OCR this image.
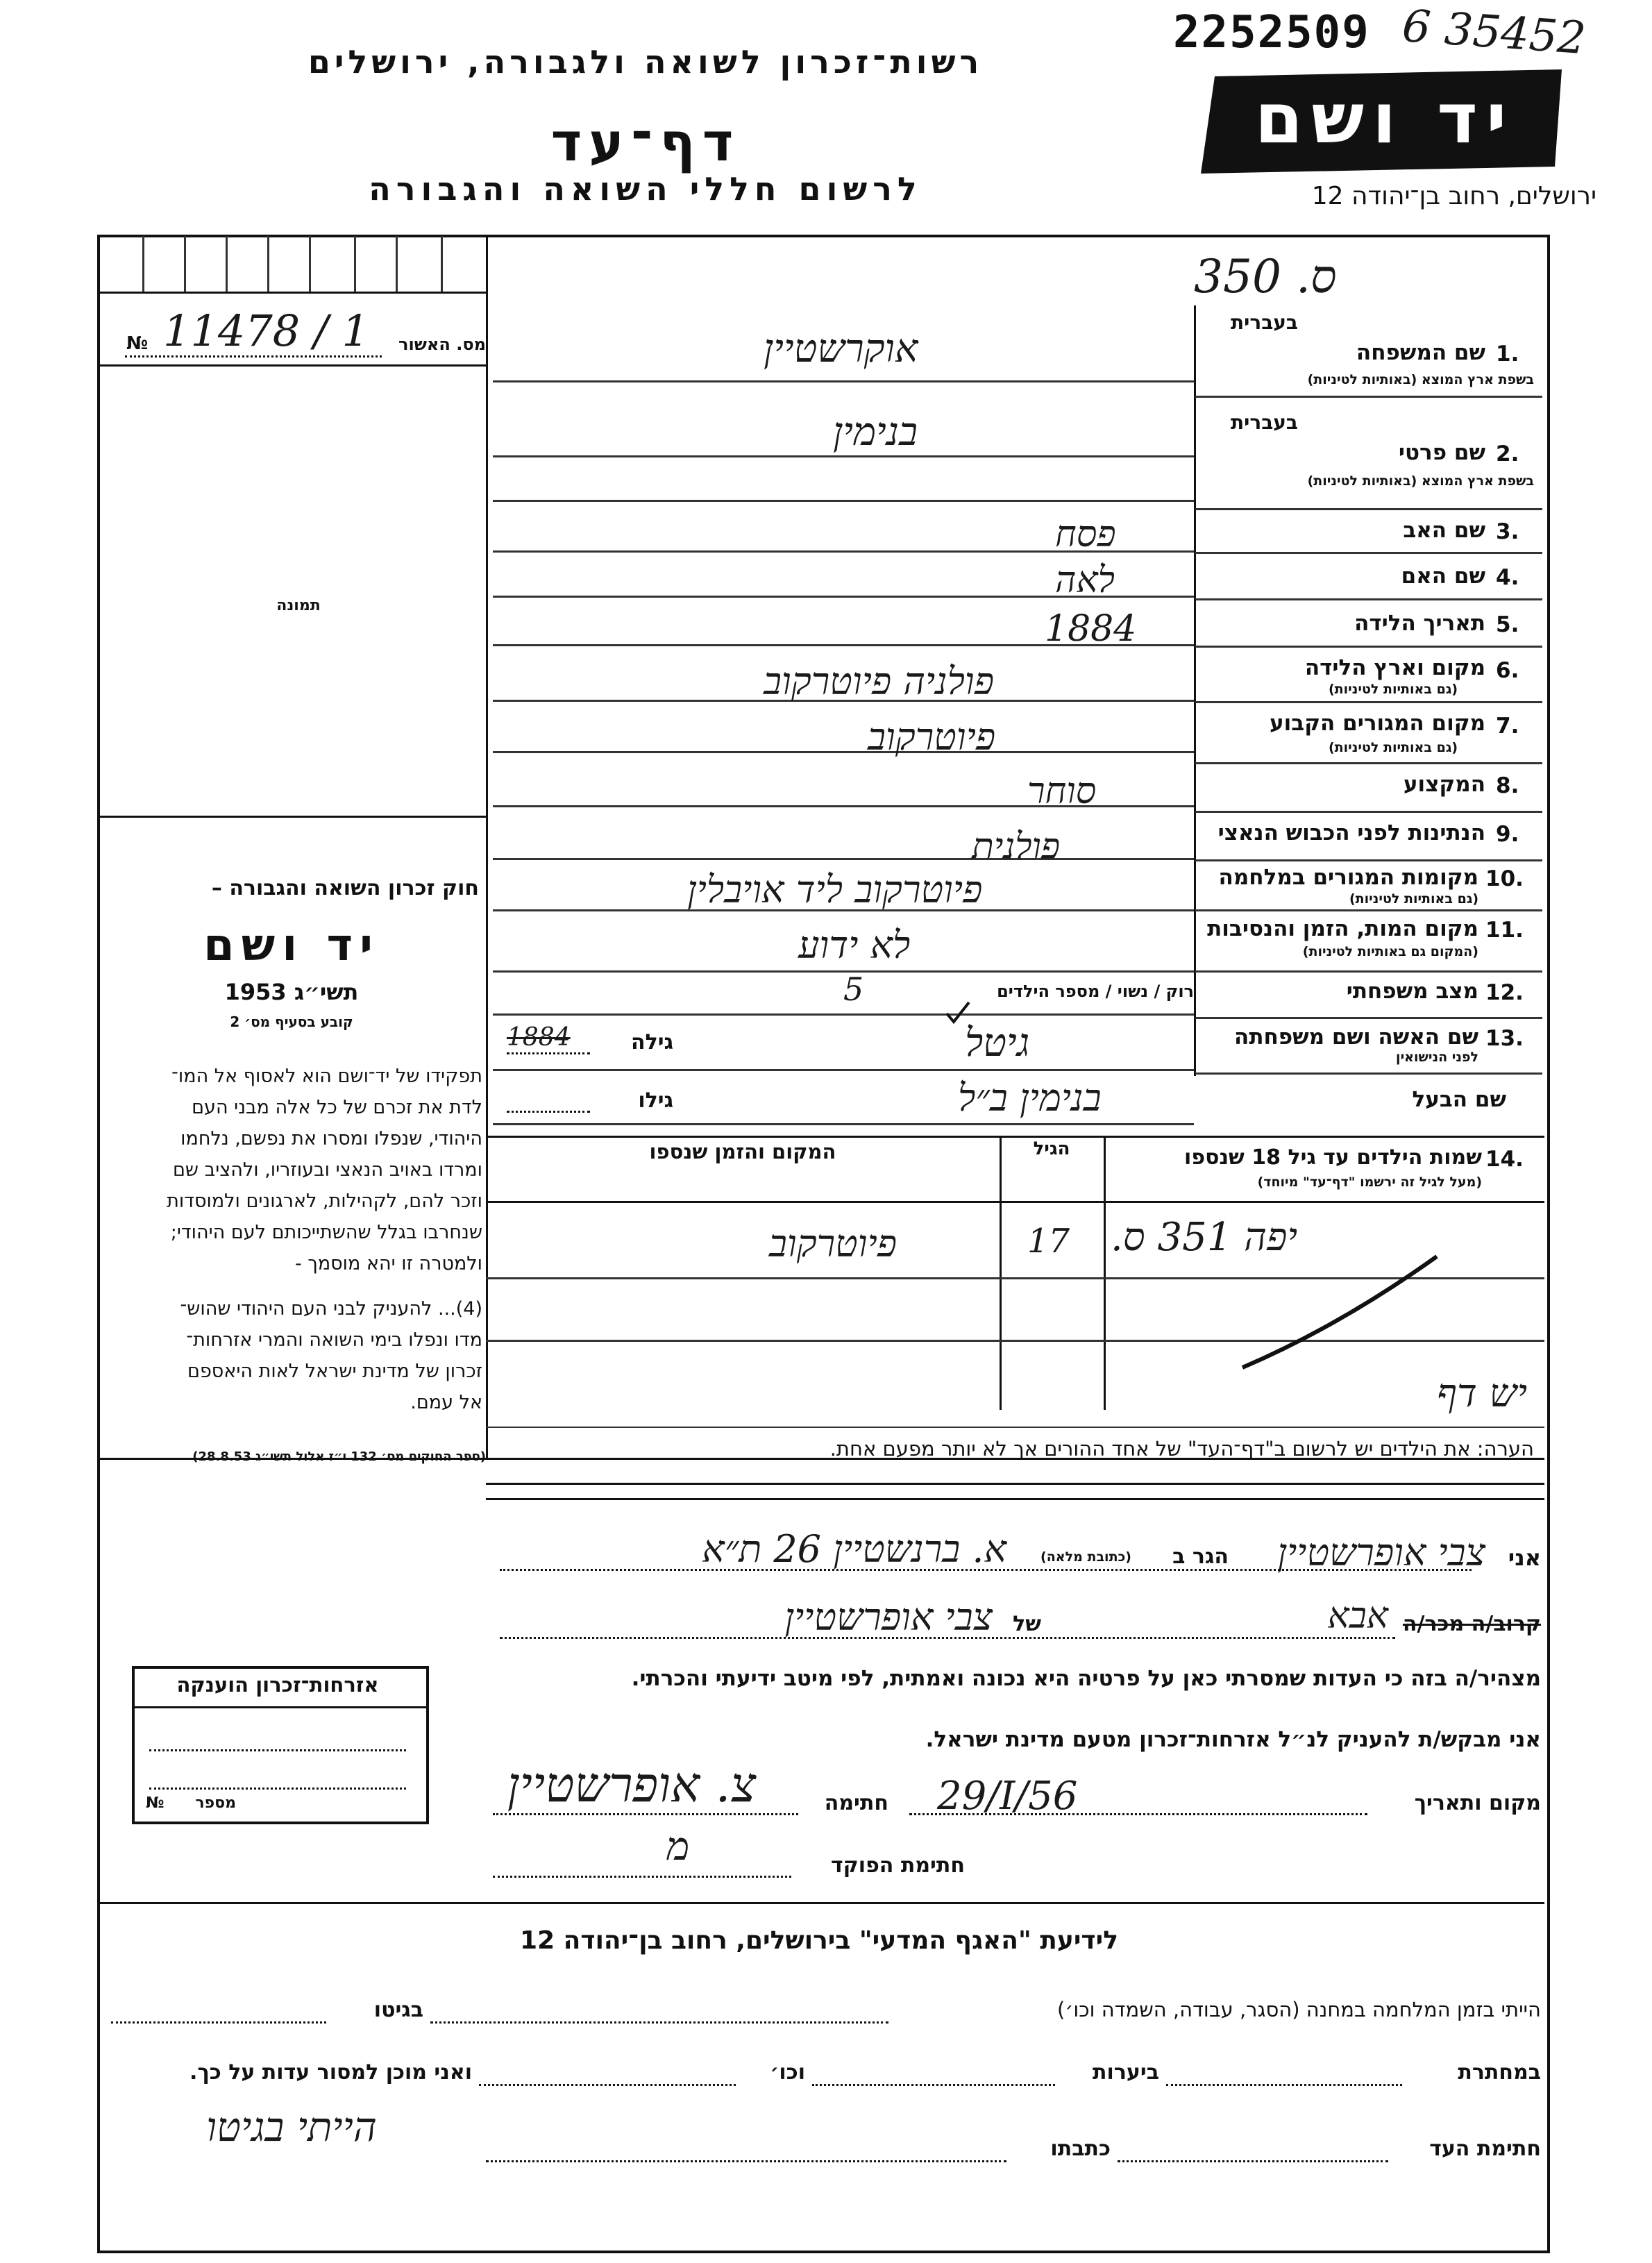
2252509 6 35452
רשות־זכרון לשואה ולגבורה, ירושלים
דף־עד
לרשום חללי השואה והגבורה
יד ושם
ירושלים, רחוב בן־יהודה 12
מס. האשור
№ 11478 / 1
תמונה
חוק זכרון השואה והגבורה –
יד ושם
תשי״ג 1953
קובע בסעיף מס׳ 2
תפקידו של יד־ושם הוא לאסוף אל המו־
לדת את זכרם של כל אלה מבני העם
היהודי, שנפלו ומסרו את נפשם, נלחמו
ומרדו באויב הנאצי ובעוזריו, ולהציב שם
וזכר להם, לקהילות, לארגונים ולמוסדות
שנחרבו בגלל שהשתייכותם לעם היהודי;
ולמטרה זו יהא מוסמך -
(4)... להעניק לבני העם היהודי שהוש־
מדו ונפלו בימי השואה והמרי אזרחות־
זכרון של מדינת ישראל לאות היאספם
אל עמם.
(ספר החוקים מס׳ 132 י״ז אלול תשי״ג 28.8.53)
ס. 350
בעברית
1.
שם המשפחה
בשפת ארץ המוצא (באותיות לטיניות)
אוקרשטיין
בעברית
2.
שם פרטי
בשפת ארץ המוצא (באותיות לטיניות)
בנימין
3.
שם האב
פסח
4.
שם האם
לאה
5.
תאריך הלידה
1884
6.
מקום וארץ הלידה
(גם באותיות לטיניות)
פולניה פיוטרקוב
7.
מקום המגורים הקבוע
(גם באותיות לטיניות)
פיוטרקוב
8.
המקצוע
סוחר
9.
הנתינות לפני הכבוש הנאצי
פולנית
10.
מקומות המגורים במלחמה
(גם באותיות לטיניות)
פיוטרקוב ליד אויבלין
11.
מקום המות, הזמן והנסיבות
(המקום גם באותיות לטיניות)
לא ידוע
12.
מצב משפחתי
רוק / נשוי / מספר הילדים
5
13.
שם האשה ושם משפחתה
לפני הנישואין
גיטל
גילה
1884
שם הבעל
בנימין ב״ל
גילו
14.
שמות הילדים עד גיל 18 שנספו
(מעל לגיל זה ירשמו "דף־עד" מיוחד)
הגיל
המקום והזמן שנספו
יפה 351 ס.
17
פיוטרקוב
יש דף
הערה: את הילדים יש לרשום ב"דף־העד" של אחד ההורים אך לא יותר מפעם אחת.
אני
צבי אופרשטיין
הגר ב
(כתובת מלאה)
א. ברנשטיין 26 ת״א
קרוב/ה מכר/ה
אבא
של
צבי אופרשטיין
מצהיר/ה בזה כי העדות שמסרתי כאן על פרטיה היא נכונה ואמתית, לפי מיטב ידיעתי והכרתי.
אני מבקש/ת להעניק לנ״ל אזרחות־זכרון מטעם מדינת ישראל.
מקום ותאריך
29/I/56
חתימה
צ. אופרשטיין
חתימת הפוקד
מ
אזרחות־זכרון הוענקה
מספר
№
לידיעת "האגף המדעי" בירושלים, רחוב בן־יהודה 12
הייתי בזמן המלחמה במחנה (הסגר, עבודה, השמדה וכו׳)
בגיטו
במחתרת
ביערות
וכו׳
ואני מוכן למסור עדות על כך.
חתימת העד
כתבתו
הייתי בגיטו
